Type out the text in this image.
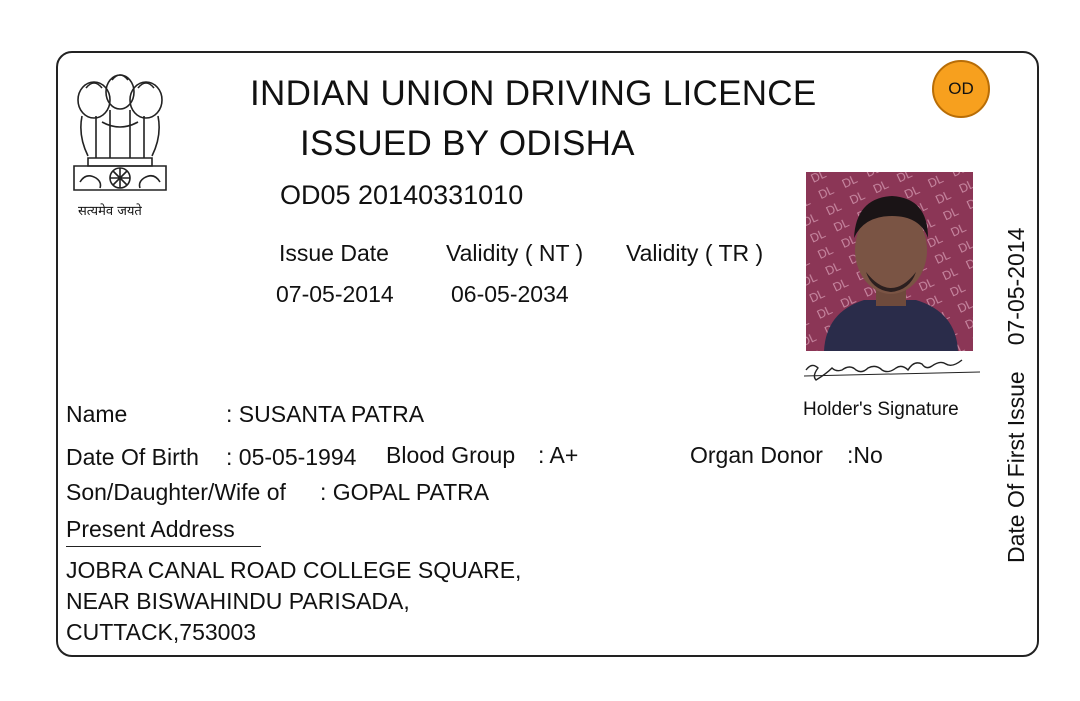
सत्यमेव जयते
INDIAN UNION DRIVING LICENCE
ISSUED BY ODISHA
OD05 20140331010
OD
Issue Date Validity ( NT ) Validity ( TR )
07-05-2014 06-05-2034
Holder's Signature
Name	: SUSANTA PATRA
Date Of Birth : 05-05-1994 Blood Group : A+	Organ Donor :No
Son/Daughter/Wife of : GOPAL PATRA
Present Address
JOBRA CANAL ROAD COLLEGE SQUARE,
NEAR BISWAHINDU PARISADA,
CUTTACK,753003
Date Of First Issue07-05-2014
